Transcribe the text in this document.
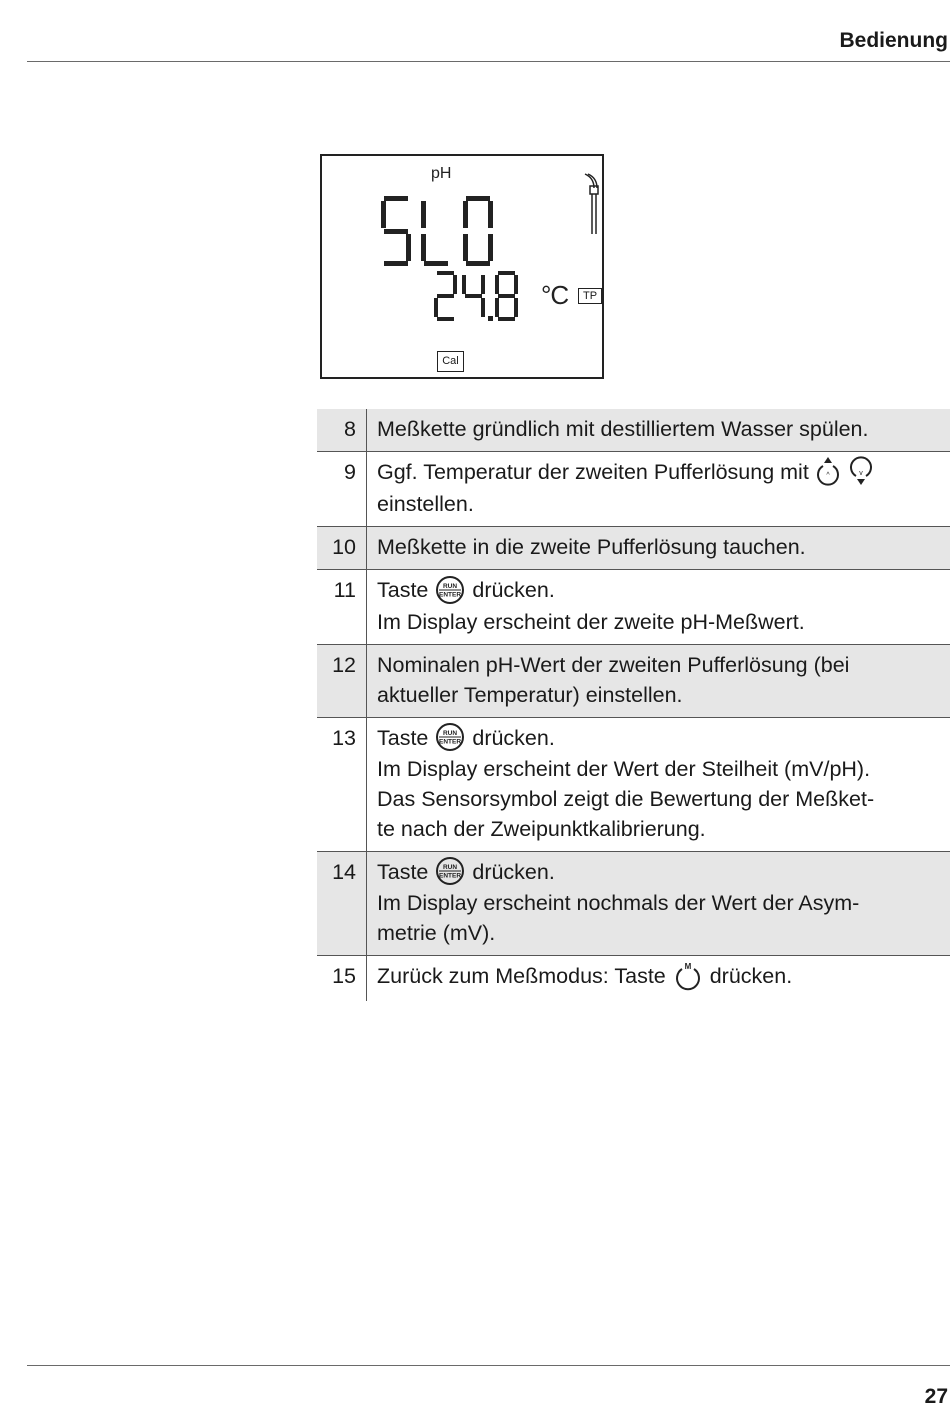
Bedienung
pH
°C	TP
Cal
8 Meßkette gründlich mit destilliertem Wasser spülen.
9 Ggf. Temperatur der zweiten Pufferlösung mit ^
	v
einstellen.
10 Meßkette in die zweite Pufferlösung tauchen.
11 Taste RUN
ENTER drücken.
Im Display erscheint der zweite pH-Meßwert.
12 Nominalen pH-Wert der zweiten Pufferlösung (bei
aktueller Temperatur) einstellen.
13 Taste RUN
ENTER drücken.
Im Display erscheint der Wert der Steilheit (mV/pH).
Das Sensorsymbol zeigt die Bewertung der Meßket-
te nach der Zweipunktkalibrierung.
14 Taste RUN
ENTER drücken.
Im Display erscheint nochmals der Wert der Asym-
metrie (mV).
15 Zurück zum Meßmodus: Taste M drücken.
27
